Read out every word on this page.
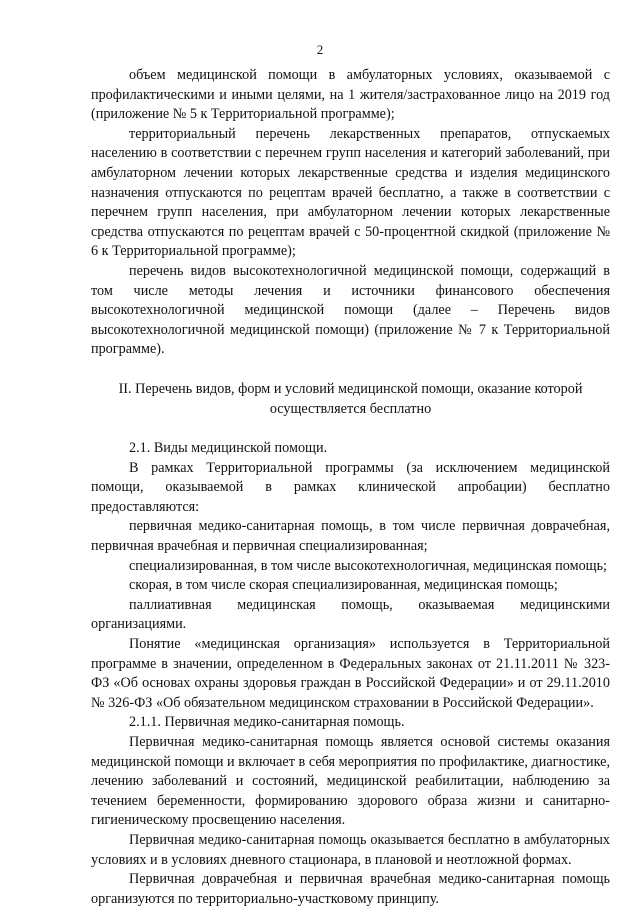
2

объем медицинской помощи в амбулаторных условиях, оказываемой с профилактическими и иными целями, на 1 жителя/застрахованное лицо на 2019 год (приложение № 5 к Территориальной программе);

территориальный перечень лекарственных препаратов, отпускаемых населению в соответствии с перечнем групп населения и категорий заболеваний, при амбулаторном лечении которых лекарственные средства и изделия медицинского назначения отпускаются по рецептам врачей бесплатно, а также в соответствии с перечнем групп населения, при амбулаторном лечении которых лекарственные средства отпускаются по рецептам врачей с 50-процентной скидкой (приложение № 6 к Территориальной программе);

перечень видов высокотехнологичной медицинской помощи, содержащий в том числе методы лечения и источники финансового обеспечения высокотехнологичной медицинской помощи (далее – Перечень видов высокотехнологичной медицинской помощи) (приложение № 7 к Территориальной программе).

II. Перечень видов, форм и условий медицинской помощи, оказание которой осуществляется бесплатно

2.1. Виды медицинской помощи.

В рамках Территориальной программы (за исключением медицинской помощи, оказываемой в рамках клинической апробации) бесплатно предоставляются:

первичная медико-санитарная помощь, в том числе первичная доврачебная, первичная врачебная и первичная специализированная;

специализированная, в том числе высокотехнологичная, медицинская помощь;

скорая, в том числе скорая специализированная, медицинская помощь;

паллиативная медицинская помощь, оказываемая медицинскими организациями.

Понятие «медицинская организация» используется в Территориальной программе в значении, определенном в Федеральных законах от 21.11.2011 № 323-ФЗ «Об основах охраны здоровья граждан в Российской Федерации» и от 29.11.2010 № 326-ФЗ «Об обязательном медицинском страховании в Российской Федерации».

2.1.1. Первичная медико-санитарная помощь.

Первичная медико-санитарная помощь является основой системы оказания медицинской помощи и включает в себя мероприятия по профилактике, диагностике, лечению заболеваний и состояний, медицинской реабилитации, наблюдению за течением беременности, формированию здорового образа жизни и санитарно-гигиеническому просвещению населения.

Первичная медико-санитарная помощь оказывается бесплатно в амбулаторных условиях и в условиях дневного стационара, в плановой и неотложной формах.

Первичная доврачебная и первичная врачебная медико-санитарная помощь организуются по территориально-участковому принципу.
